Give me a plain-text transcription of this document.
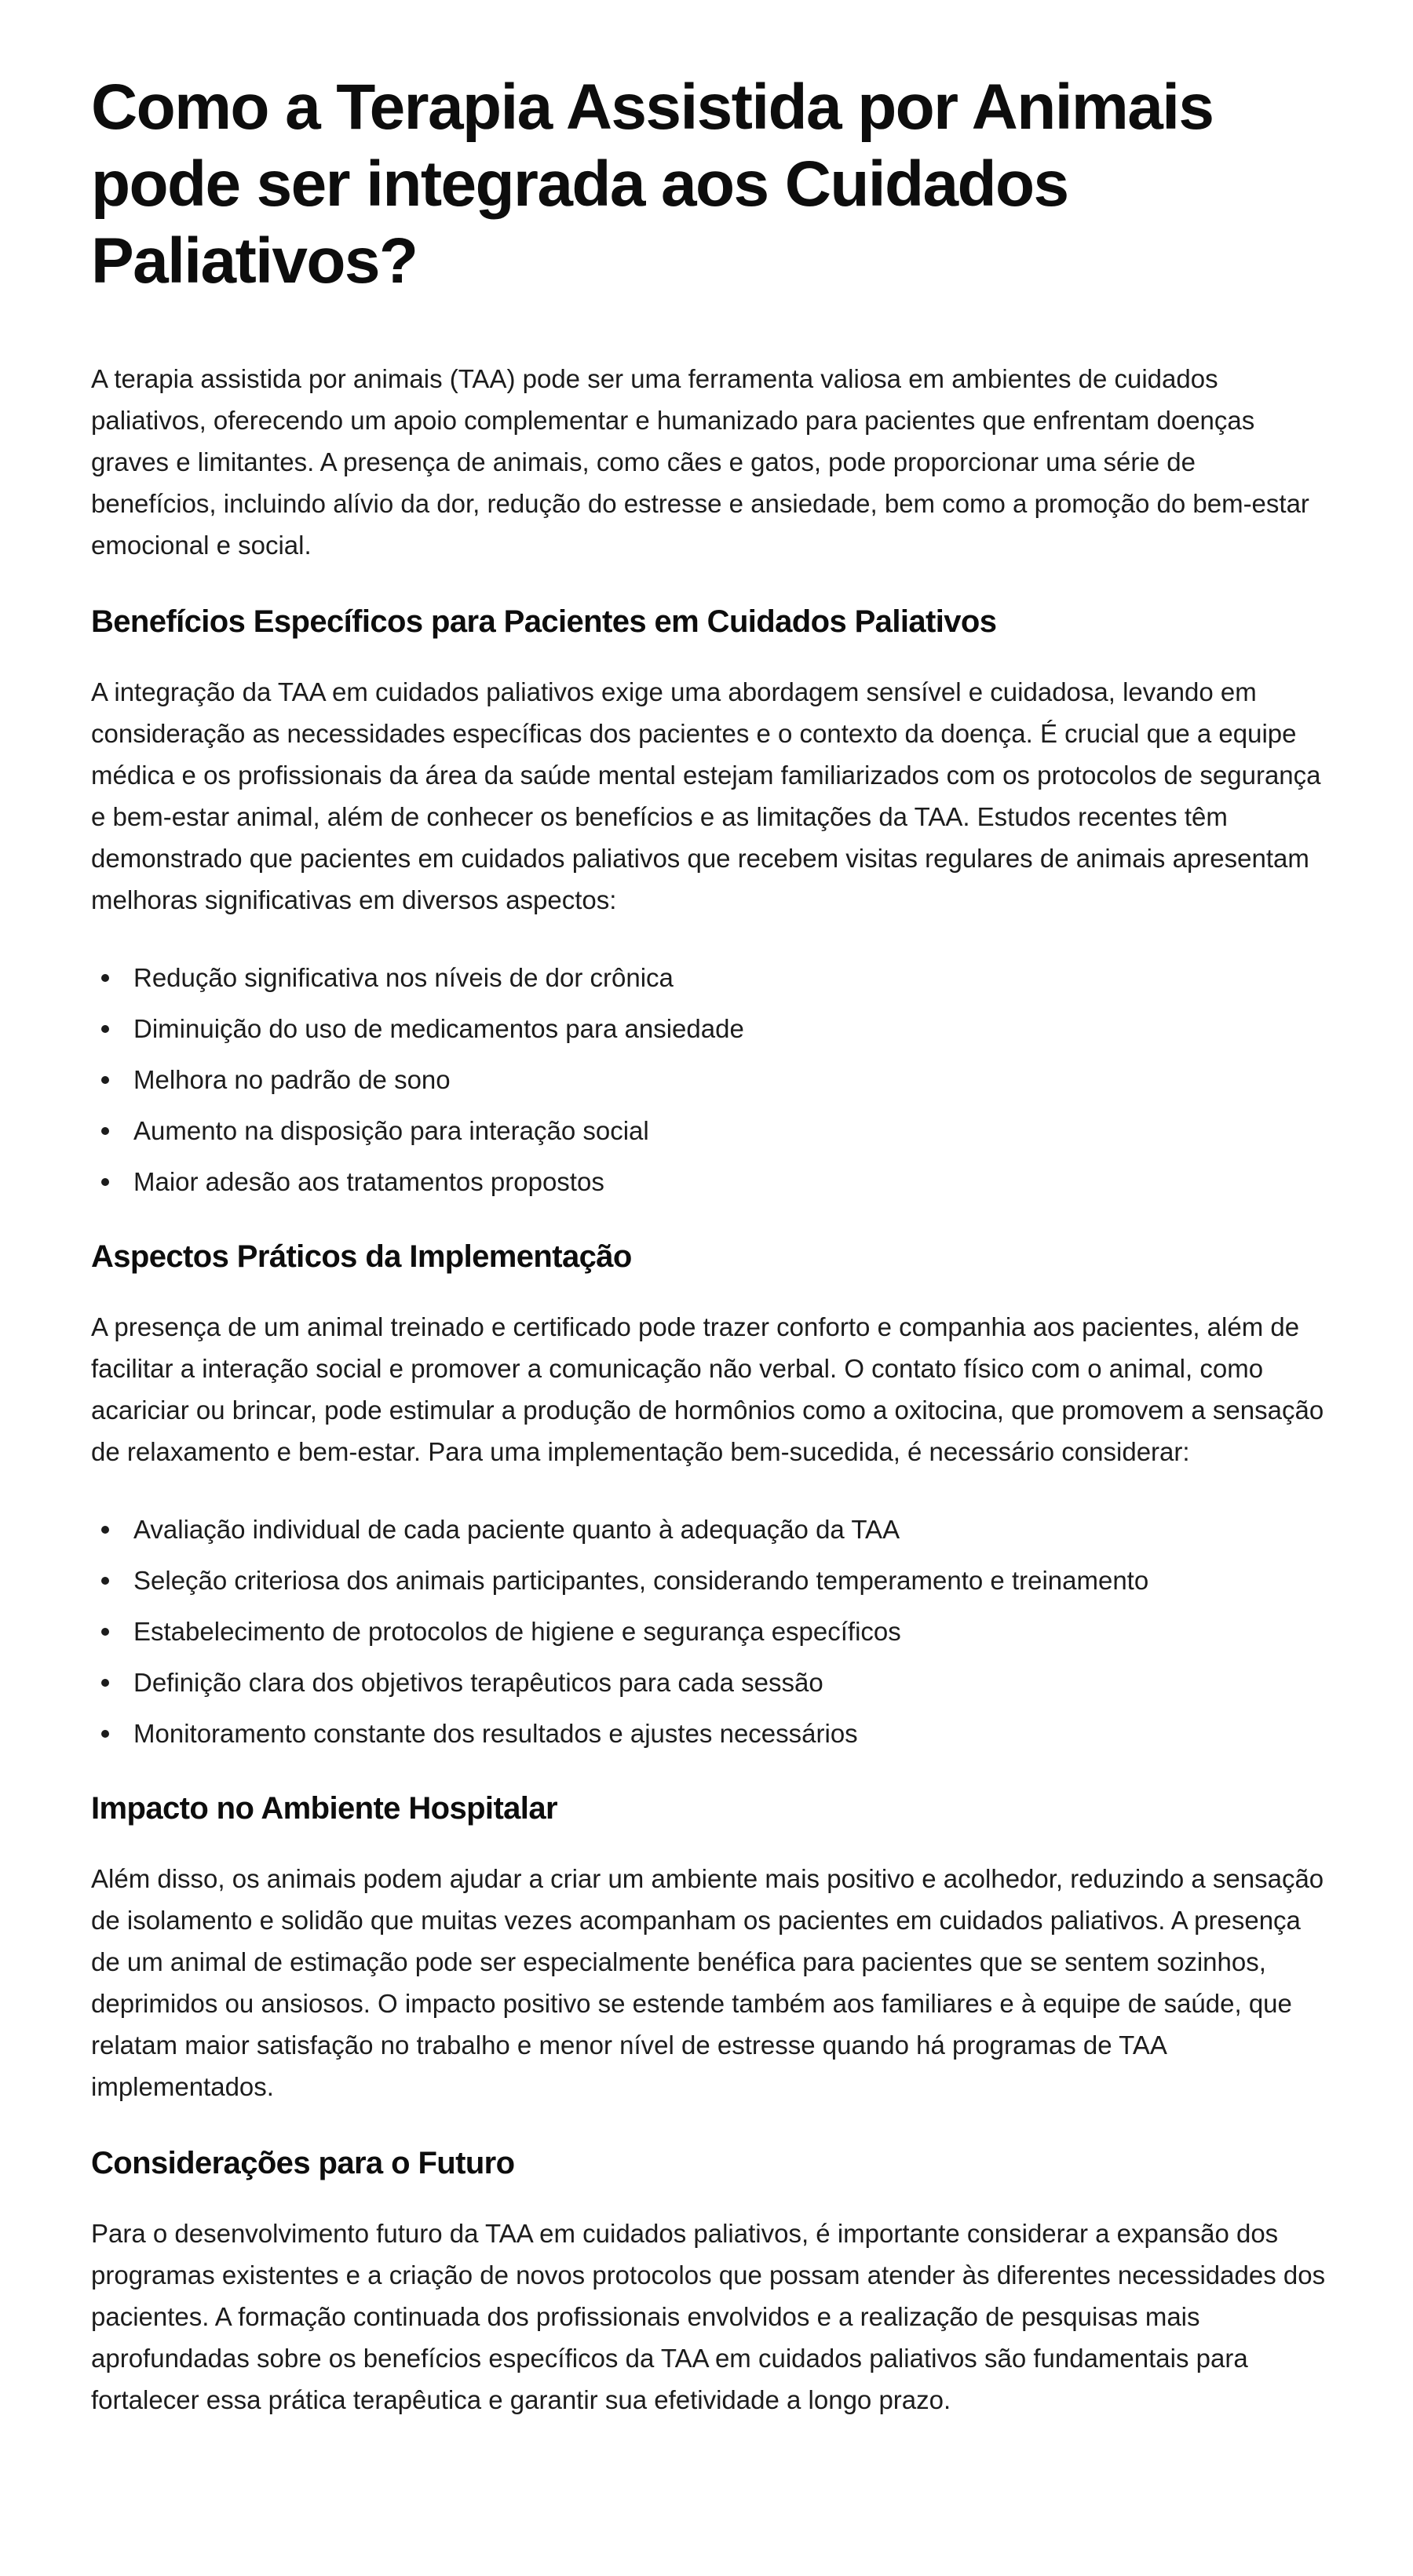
Como a Terapia Assistida por Animais pode ser integrada aos Cuidados Paliativos?

A terapia assistida por animais (TAA) pode ser uma ferramenta valiosa em ambientes de cuidados paliativos, oferecendo um apoio complementar e humanizado para pacientes que enfrentam doenças graves e limitantes. A presença de animais, como cães e gatos, pode proporcionar uma série de benefícios, incluindo alívio da dor, redução do estresse e ansiedade, bem como a promoção do bem-estar emocional e social.

Benefícios Específicos para Pacientes em Cuidados Paliativos

A integração da TAA em cuidados paliativos exige uma abordagem sensível e cuidadosa, levando em consideração as necessidades específicas dos pacientes e o contexto da doença. É crucial que a equipe médica e os profissionais da área da saúde mental estejam familiarizados com os protocolos de segurança e bem-estar animal, além de conhecer os benefícios e as limitações da TAA. Estudos recentes têm demonstrado que pacientes em cuidados paliativos que recebem visitas regulares de animais apresentam melhoras significativas em diversos aspectos:

Redução significativa nos níveis de dor crônica
Diminuição do uso de medicamentos para ansiedade
Melhora no padrão de sono
Aumento na disposição para interação social
Maior adesão aos tratamentos propostos
Aspectos Práticos da Implementação

A presença de um animal treinado e certificado pode trazer conforto e companhia aos pacientes, além de facilitar a interação social e promover a comunicação não verbal. O contato físico com o animal, como acariciar ou brincar, pode estimular a produção de hormônios como a oxitocina, que promovem a sensação de relaxamento e bem-estar. Para uma implementação bem-sucedida, é necessário considerar:

Avaliação individual de cada paciente quanto à adequação da TAA
Seleção criteriosa dos animais participantes, considerando temperamento e treinamento
Estabelecimento de protocolos de higiene e segurança específicos
Definição clara dos objetivos terapêuticos para cada sessão
Monitoramento constante dos resultados e ajustes necessários
Impacto no Ambiente Hospitalar

Além disso, os animais podem ajudar a criar um ambiente mais positivo e acolhedor, reduzindo a sensação de isolamento e solidão que muitas vezes acompanham os pacientes em cuidados paliativos. A presença de um animal de estimação pode ser especialmente benéfica para pacientes que se sentem sozinhos, deprimidos ou ansiosos. O impacto positivo se estende também aos familiares e à equipe de saúde, que relatam maior satisfação no trabalho e menor nível de estresse quando há programas de TAA implementados.

Considerações para o Futuro

Para o desenvolvimento futuro da TAA em cuidados paliativos, é importante considerar a expansão dos programas existentes e a criação de novos protocolos que possam atender às diferentes necessidades dos pacientes. A formação continuada dos profissionais envolvidos e a realização de pesquisas mais aprofundadas sobre os benefícios específicos da TAA em cuidados paliativos são fundamentais para fortalecer essa prática terapêutica e garantir sua efetividade a longo prazo.
